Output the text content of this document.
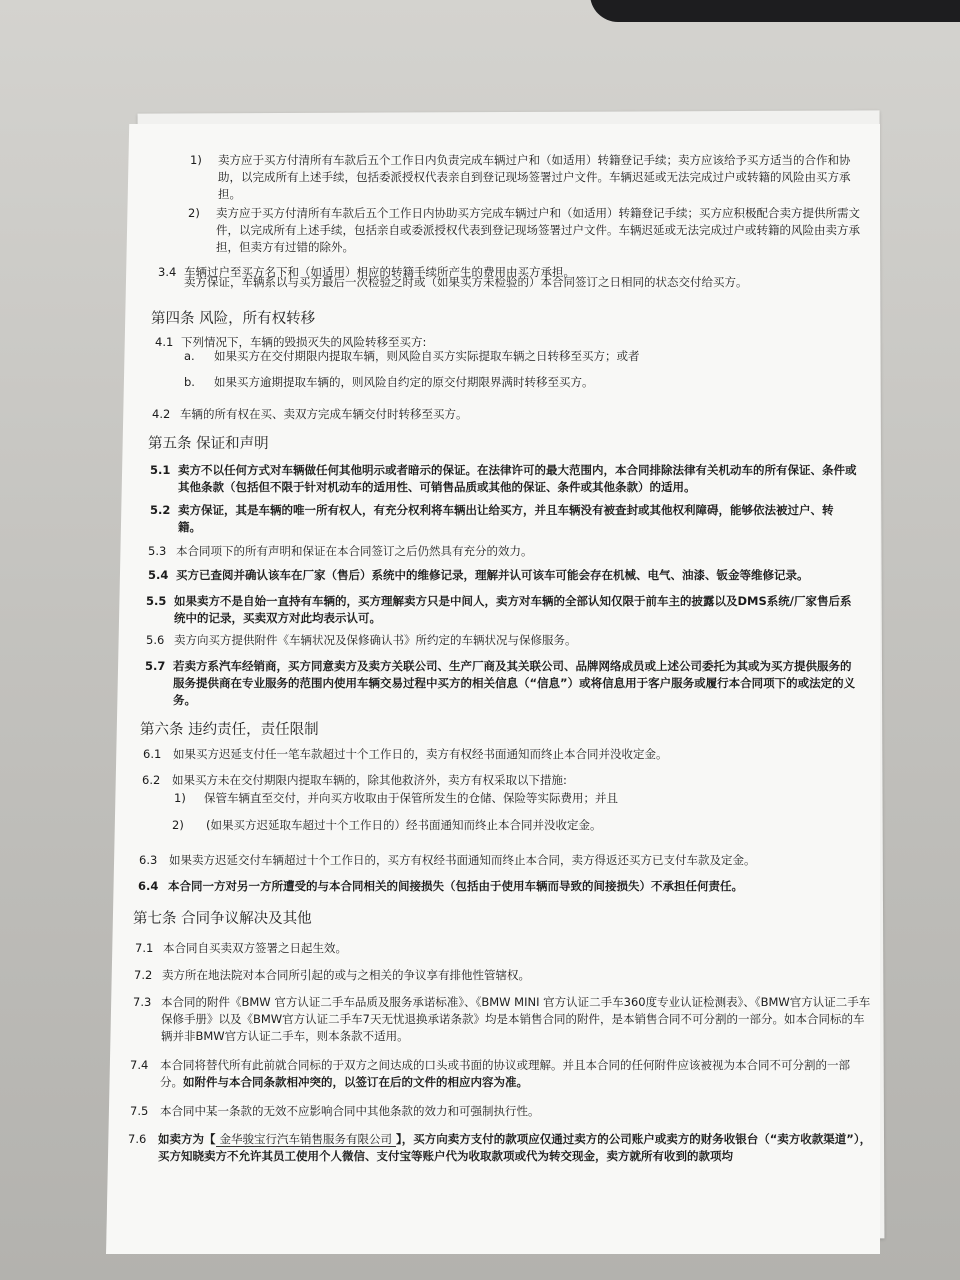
1)	卖方应于买方付清所有车款后五个工作日内负责完成车辆过户和（如适用）转籍登记手续；卖方应该给予买方适当的合作和协助，以完成所有上述手续，包括委派授权代表亲自到登记现场签署过户文件。车辆迟延或无法完成过户或转籍的风险由买方承担。
2)	卖方应于买方付清所有车款后五个工作日内协助买方完成车辆过户和（如适用）转籍登记手续；买方应积极配合卖方提供所需文件，以完成所有上述手续，包括亲自或委派授权代表到登记现场签署过户文件。车辆迟延或无法完成过户或转籍的风险由卖方承担，但卖方有过错的除外。
3.4 车辆过户至买方名下和（如适用）相应的转籍手续所产生的费用由买方承担。
卖方保证，车辆系以与买方最后一次检验之时或（如果买方未检验的）本合同签订之日相同的状态交付给买方。
第四条 风险，所有权转移
4.1 下列情况下，车辆的毁损灭失的风险转移至买方:
a.	如果买方在交付期限内提取车辆，则风险自买方实际提取车辆之日转移至买方；或者
b.	如果买方逾期提取车辆的，则风险自约定的原交付期限界满时转移至买方。
4.2 车辆的所有权在买、卖双方完成车辆交付时转移至买方。
第五条 保证和声明
5.1 卖方不以任何方式对车辆做任何其他明示或者暗示的保证。在法律许可的最大范围内，本合同排除法律有关机动车的所有保证、条件或其他条款（包括但不限于针对机动车的适用性、可销售品质或其他的保证、条件或其他条款）的适用。
5.2 卖方保证，其是车辆的唯一所有权人，有充分权利将车辆出让给买方，并且车辆没有被查封或其他权利障碍，能够依法被过户、转籍。
5.3 本合同项下的所有声明和保证在本合同签订之后仍然具有充分的效力。
5.4 买方已查阅并确认该车在厂家（售后）系统中的维修记录，理解并认可该车可能会存在机械、电气、油漆、钣金等维修记录。
5.5 如果卖方不是自始一直持有车辆的，买方理解卖方只是中间人，卖方对车辆的全部认知仅限于前车主的披露以及DMS系统/厂家售后系统中的记录，买卖双方对此均表示认可。
5.6 卖方向买方提供附件《车辆状况及保修确认书》所约定的车辆状况与保修服务。
5.7 若卖方系汽车经销商，买方同意卖方及卖方关联公司、生产厂商及其关联公司、品牌网络成员或上述公司委托为其或为买方提供服务的服务提供商在专业服务的范围内使用车辆交易过程中买方的相关信息（“信息”）或将信息用于客户服务或履行本合同项下的或法定的义务。
第六条 违约责任，责任限制
6.1	如果买方迟延支付任一笔车款超过十个工作日的，卖方有权经书面通知而终止本合同并没收定金。
6.2	如果买方未在交付期限内提取车辆的，除其他救济外，卖方有权采取以下措施:
1)	保管车辆直至交付，并向买方收取由于保管所发生的仓储、保险等实际费用；并且
2)	(如果买方迟延取车超过十个工作日的）经书面通知而终止本合同并没收定金。
6.3	如果卖方迟延交付车辆超过十个工作日的，买方有权经书面通知而终止本合同，卖方得返还买方已支付车款及定金。
6.4 本合同一方对另一方所遭受的与本合同相关的间接损失（包括由于使用车辆而导致的间接损失）不承担任何责任。
第七条 合同争议解决及其他
7.1 本合同自买卖双方签署之日起生效。
7.2 卖方所在地法院对本合同所引起的或与之相关的争议享有排他性管辖权。
7.3 本合同的附件《BMW 官方认证二手车品质及服务承诺标准》、《BMW MINI 官方认证二手车360度专业认证检测表》、《BMW官方认证二手车保修手册》以及《BMW官方认证二手车7天无忧退换承诺条款》均是本销售合同的附件，是本销售合同不可分割的一部分。如本合同标的车辆并非BMW官方认证二手车，则本条款不适用。
7.4	本合同将替代所有此前就合同标的于双方之间达成的口头或书面的协议或理解。并且本合同的任何附件应该被视为本合同不可分割的一部分。如附件与本合同条款相冲突的，以签订在后的文件的相应内容为准。
7.5	本合同中某一条款的无效不应影响合同中其他条款的效力和可强制执行性。
7.6	如卖方为【 金华骏宝行汽车销售服务有限公司 】，买方向卖方支付的款项应仅通过卖方的公司账户或卖方的财务收银台（“卖方收款渠道”），买方知晓卖方不允许其员工使用个人微信、支付宝等账户代为收取款项或代为转交现金，卖方就所有收到的款项均
